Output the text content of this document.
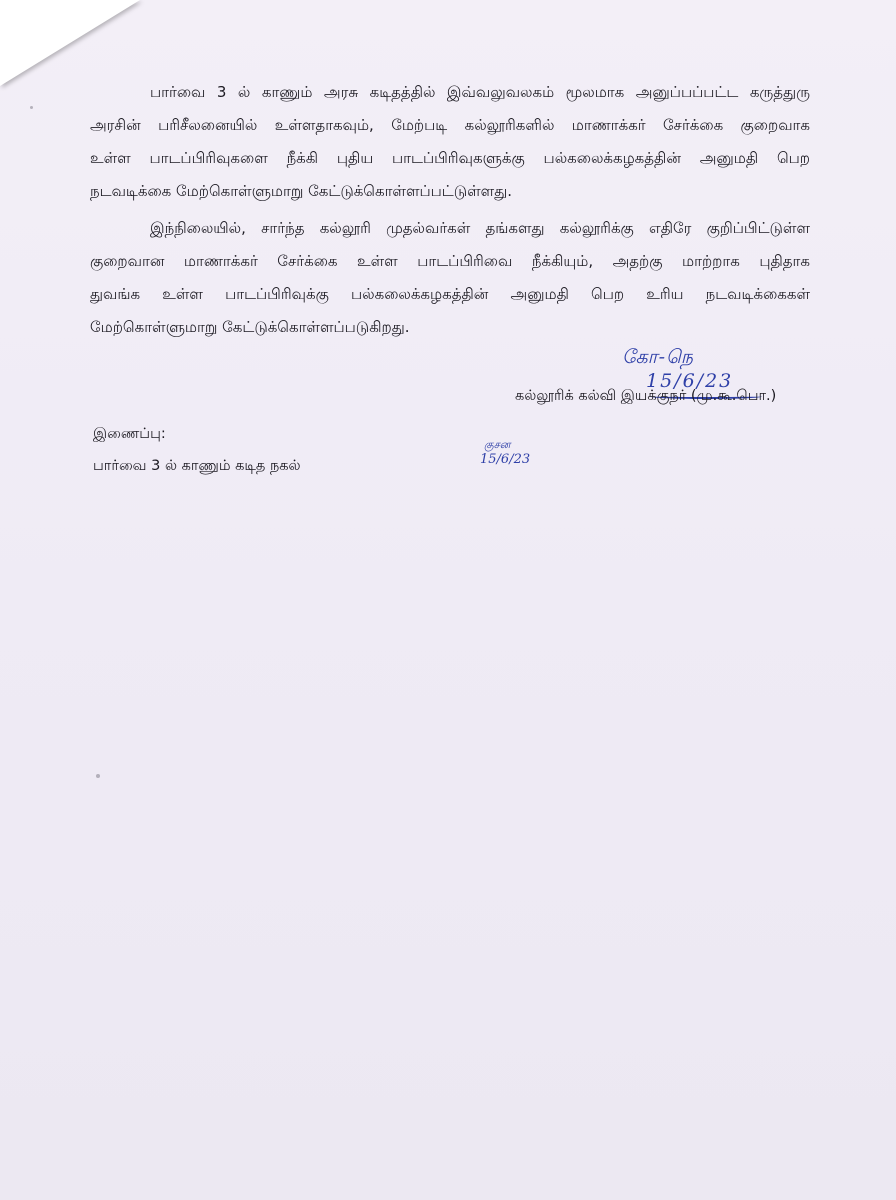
பார்வை 3 ல் காணும் அரசு கடிதத்தில் இவ்வலுவலகம் மூலமாக அனுப்பப்பட்ட கருத்துரு
அரசின் பரிசீலனையில் உள்ளதாகவும், மேற்படி கல்லூரிகளில் மாணாக்கர் சேர்க்கை குறைவாக
உள்ள பாடப்பிரிவுகளை நீக்கி புதிய பாடப்பிரிவுகளுக்கு பல்கலைக்கழகத்தின் அனுமதி பெற
நடவடிக்கை மேற்கொள்ளுமாறு கேட்டுக்கொள்ளப்பட்டுள்ளது.
இந்நிலையில், சார்ந்த கல்லூரி முதல்வர்கள் தங்களது கல்லூரிக்கு எதிரே குறிப்பிட்டுள்ள
குறைவான மாணாக்கர் சேர்க்கை உள்ள பாடப்பிரிவை நீக்கியும், அதற்கு மாற்றாக புதிதாக
துவங்க உள்ள பாடப்பிரிவுக்கு பல்கலைக்கழகத்தின் அனுமதி பெற உரிய நடவடிக்கைகள்
மேற்கொள்ளுமாறு கேட்டுக்கொள்ளப்படுகிறது.
கோ-நெ
15/6/23
கல்லூரிக் கல்வி இயக்குநர் (மு.கூ.பொ.)
இணைப்பு:
பார்வை 3 ல் காணும் கடித நகல்
குசன
15/6/23
